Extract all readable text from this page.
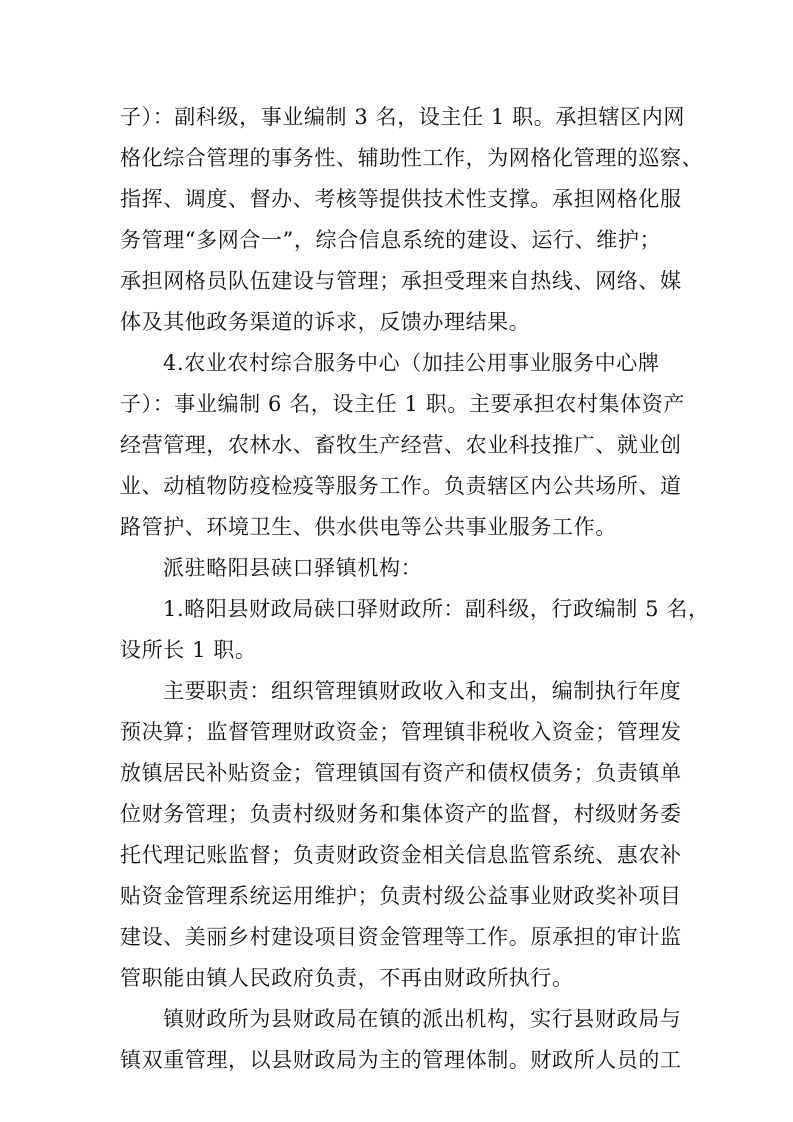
子）：副科级，事业编制 3 名，设主任 1 职。承担辖区内网
格化综合管理的事务性、辅助性工作，为网格化管理的巡察、
指挥、调度、督办、考核等提供技术性支撑。承担网格化服
务管理“多网合一”，综合信息系统的建设、运行、维护；
承担网格员队伍建设与管理；承担受理来自热线、网络、媒
体及其他政务渠道的诉求，反馈办理结果。
4.农业农村综合服务中心（加挂公用事业服务中心牌
子）：事业编制 6 名，设主任 1 职。主要承担农村集体资产
经营管理，农林水、畜牧生产经营、农业科技推广、就业创
业、动植物防疫检疫等服务工作。负责辖区内公共场所、道
路管护、环境卫生、供水供电等公共事业服务工作。
派驻略阳县硖口驿镇机构：
1.略阳县财政局硖口驿财政所：副科级，行政编制 5 名，
设所长 1 职。
主要职责：组织管理镇财政收入和支出，编制执行年度
预决算；监督管理财政资金；管理镇非税收入资金；管理发
放镇居民补贴资金；管理镇国有资产和债权债务；负责镇单
位财务管理；负责村级财务和集体资产的监督，村级财务委
托代理记账监督；负责财政资金相关信息监管系统、惠农补
贴资金管理系统运用维护；负责村级公益事业财政奖补项目
建设、美丽乡村建设项目资金管理等工作。原承担的审计监
管职能由镇人民政府负责，不再由财政所执行。
镇财政所为县财政局在镇的派出机构，实行县财政局与
镇双重管理，以县财政局为主的管理体制。财政所人员的工
